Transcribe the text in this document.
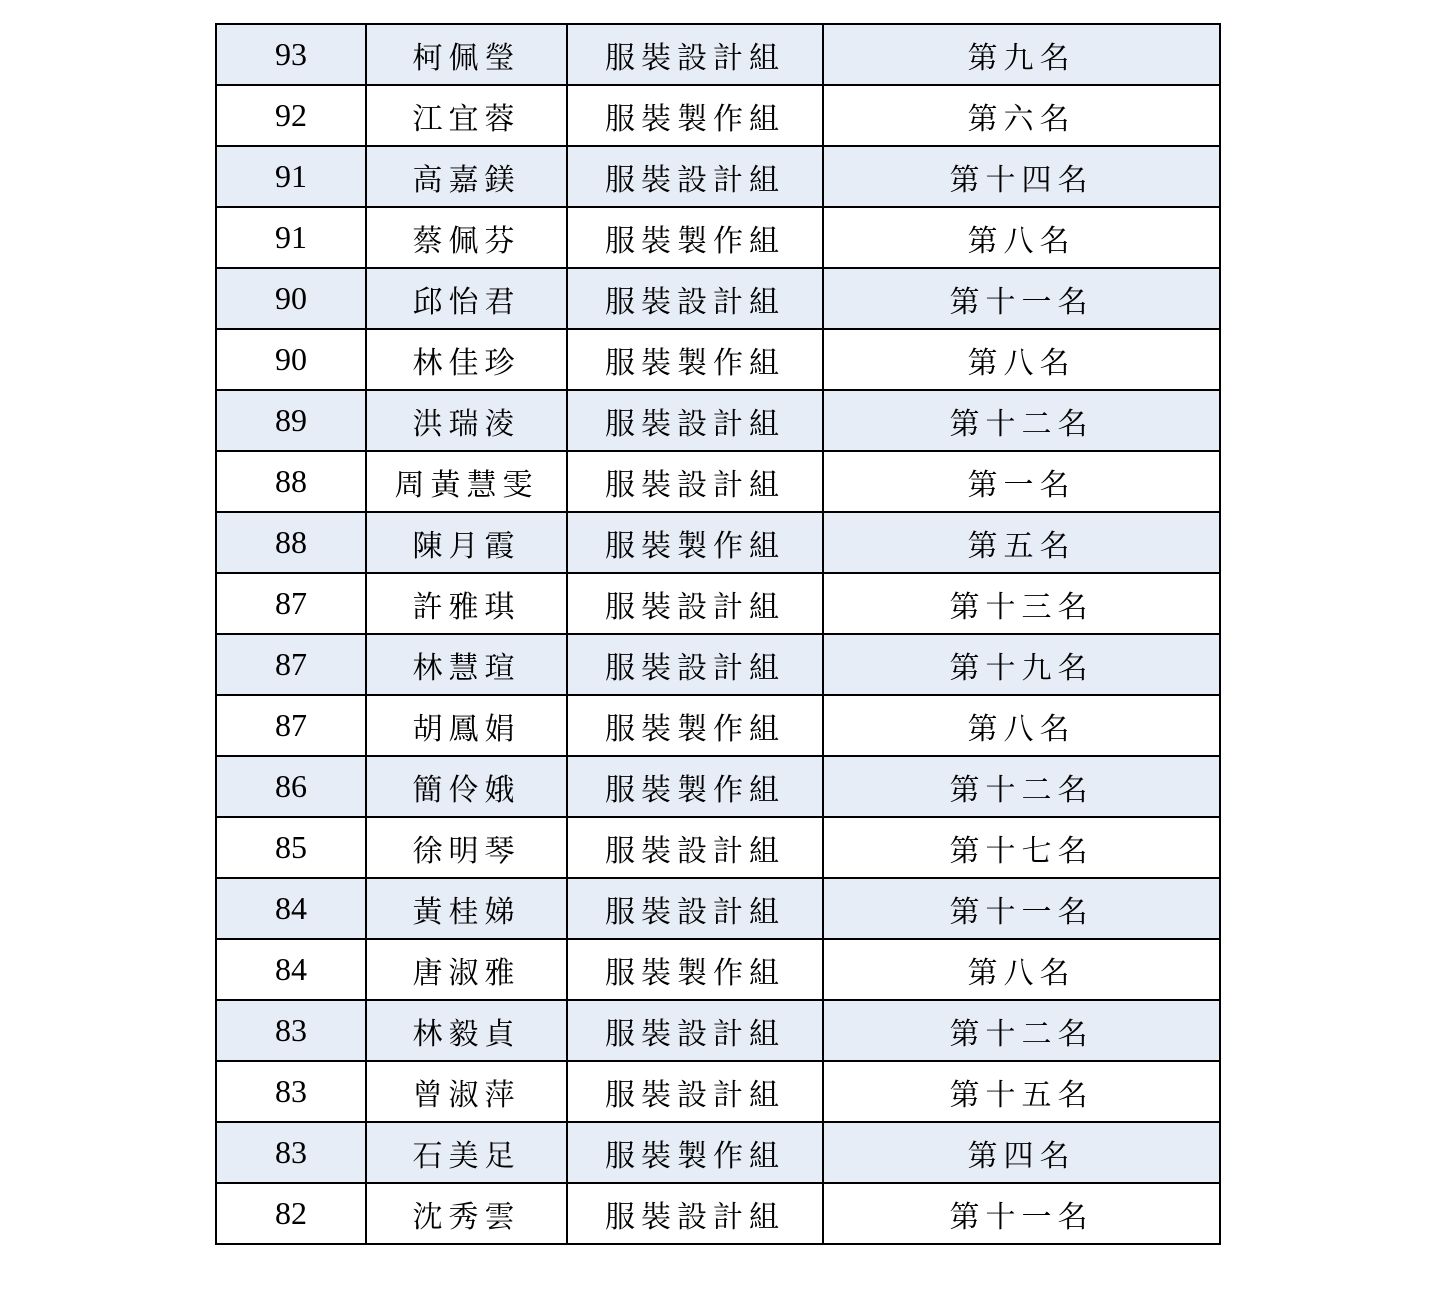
93	柯佩瑩	服裝設計組	第九名
92	江宜蓉	服裝製作組	第六名
91	高嘉鎂	服裝設計組	第十四名
91	蔡佩芬	服裝製作組	第八名
90	邱怡君	服裝設計組	第十一名
90	林佳珍	服裝製作組	第八名
89	洪瑞淩	服裝設計組	第十二名
88	周黃慧雯	服裝設計組	第一名
88	陳月霞	服裝製作組	第五名
87	許雅琪	服裝設計組	第十三名
87	林慧瑄	服裝設計組	第十九名
87	胡鳳娟	服裝製作組	第八名
86	簡伶娥	服裝製作組	第十二名
85	徐明琴	服裝設計組	第十七名
84	黃桂娣	服裝設計組	第十一名
84	唐淑雅	服裝製作組	第八名
83	林毅貞	服裝設計組	第十二名
83	曾淑萍	服裝設計組	第十五名
83	石美足	服裝製作組	第四名
82	沈秀雲	服裝設計組	第十一名
